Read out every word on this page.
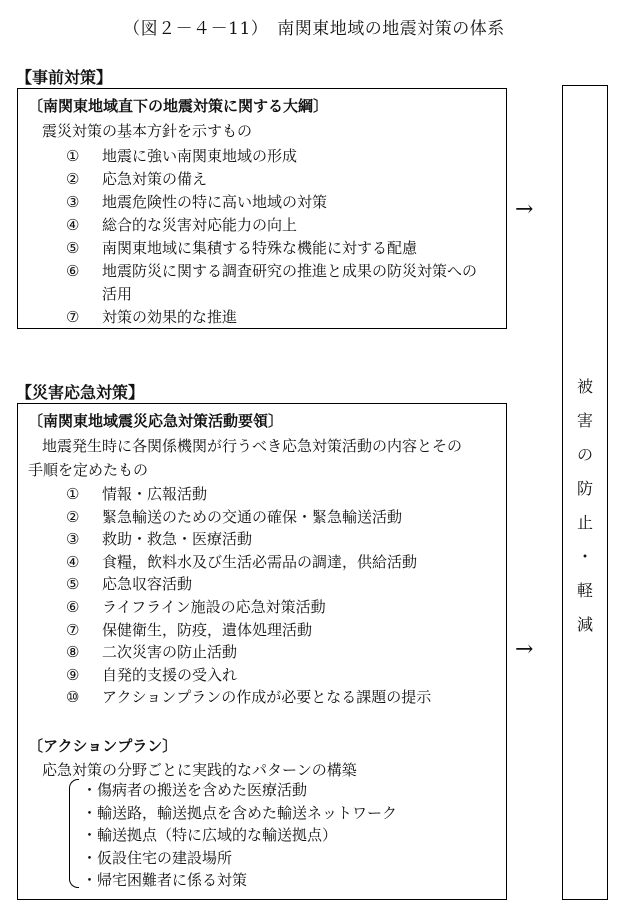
（図２－４－11）　南関東地域の地震対策の体系
【事前対策】
〔南関東地域直下の地震対策に関する大綱〕
震災対策の基本方針を示すもの
① 地震に強い南関東地域の形成
② 応急対策の備え
③ 地震危険性の特に高い地域の対策
④ 総合的な災害対応能力の向上
⑤ 南関東地域に集積する特殊な機能に対する配慮
⑥ 地震防災に関する調査研究の推進と成果の防災対策への
活用
⑦ 対策の効果的な推進
→
【災害応急対策】
〔南関東地域震災応急対策活動要領〕
地震発生時に各関係機関が行うべき応急対策活動の内容とその
手順を定めたもの
① 情報・広報活動
② 緊急輸送のための交通の確保・緊急輸送活動
③ 救助・救急・医療活動
④ 食糧，飲料水及び生活必需品の調達，供給活動
⑤ 応急収容活動
⑥ ライフライン施設の応急対策活動
⑦ 保健衛生，防疫，遺体処理活動
⑧ 二次災害の防止活動
⑨ 自発的支援の受入れ
⑩ アクションプランの作成が必要となる課題の提示
〔アクションプラン〕
応急対策の分野ごとに実践的なパターンの構築
・傷病者の搬送を含めた医療活動
・輸送路，輸送拠点を含めた輸送ネットワーク
・輸送拠点（特に広域的な輸送拠点）
・仮設住宅の建設場所
・帰宅困難者に係る対策
→
被
害
の
防
止
・
軽
減
